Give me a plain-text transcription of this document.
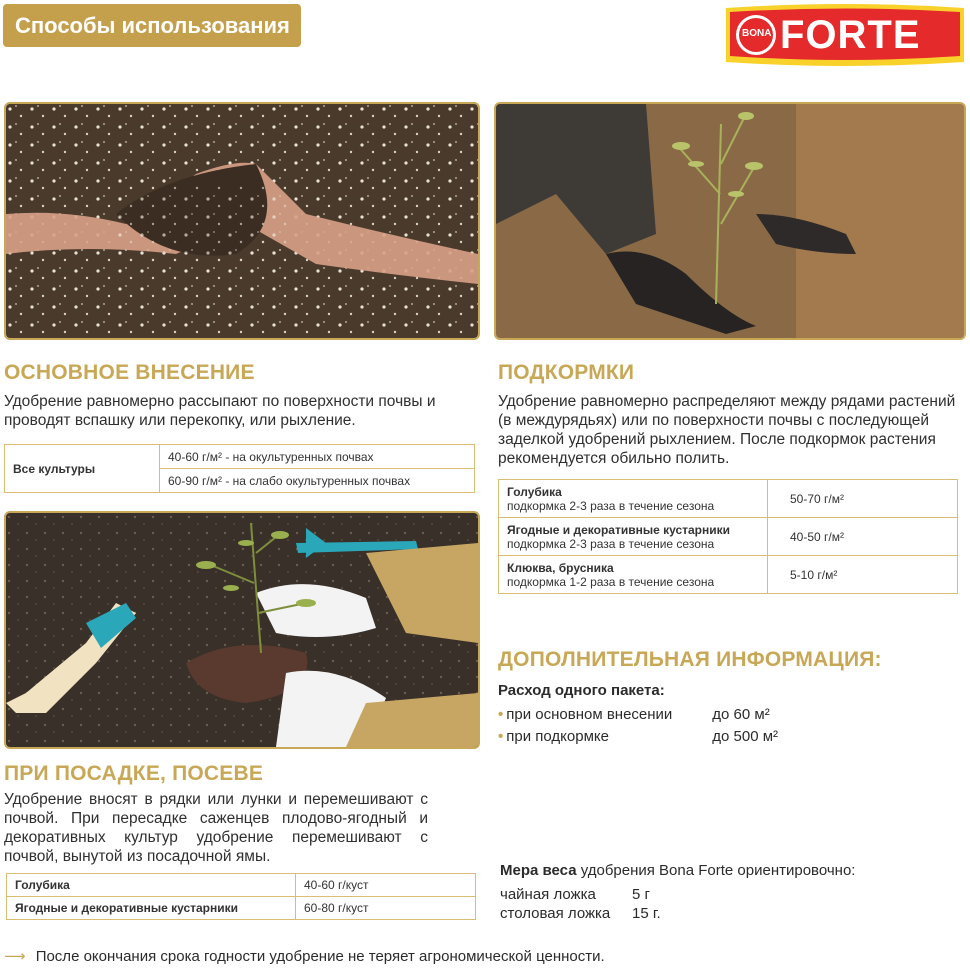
Способы использования	BONA FORTE
ОСНОВНОЕ ВНЕСЕНИЕ

Удобрение равномерно рассыпают по поверхности почвы и проводят вспашку или перекопку, или рыхление.

Все культуры	40-60 г/м² - на окультуренных почвах
60-90 г/м² - на слабо окультуренных почвах
ПОДКОРМКИ

Удобрение равномерно распределяют между рядами растений (в междурядьях) или по поверхности почвы с последующей заделкой удобрений рыхлением. После подкормок растения рекомендуется обильно полить.

Голубика
подкормка 2-3 раза в течение сезона	50-70 г/м²

Ягодные и декоративные кустарники
подкормка 2-3 раза в течение сезона	40-50 г/м²

Клюква, брусника
подкормка 1-2 раза в течение сезона	5-10 г/м²
ДОПОЛНИТЕЛЬНАЯ ИНФОРМАЦИЯ:
Расход одного пакета:
• при основном внесении	до 60 м²
• при подкормке	до 500 м²
ПРИ ПОСАДКЕ, ПОСЕВЕ

Удобрение вносят в рядки или лунки и перемешивают с почвой. При пересадке саженцев плодово-ягодный и декоративных культур удобрение перемешивают с почвой, вынутой из посадочной ямы.

Голубика	40-60 г/куст
Ягодные и декоративные кустарники	60-80 г/куст
Мера веса удобрения Bona Forte ориентировочно:
чайная ложка 5 г
столовая ложка 15 г.
⟶ После окончания срока годности удобрение не теряет агрономической ценности.
